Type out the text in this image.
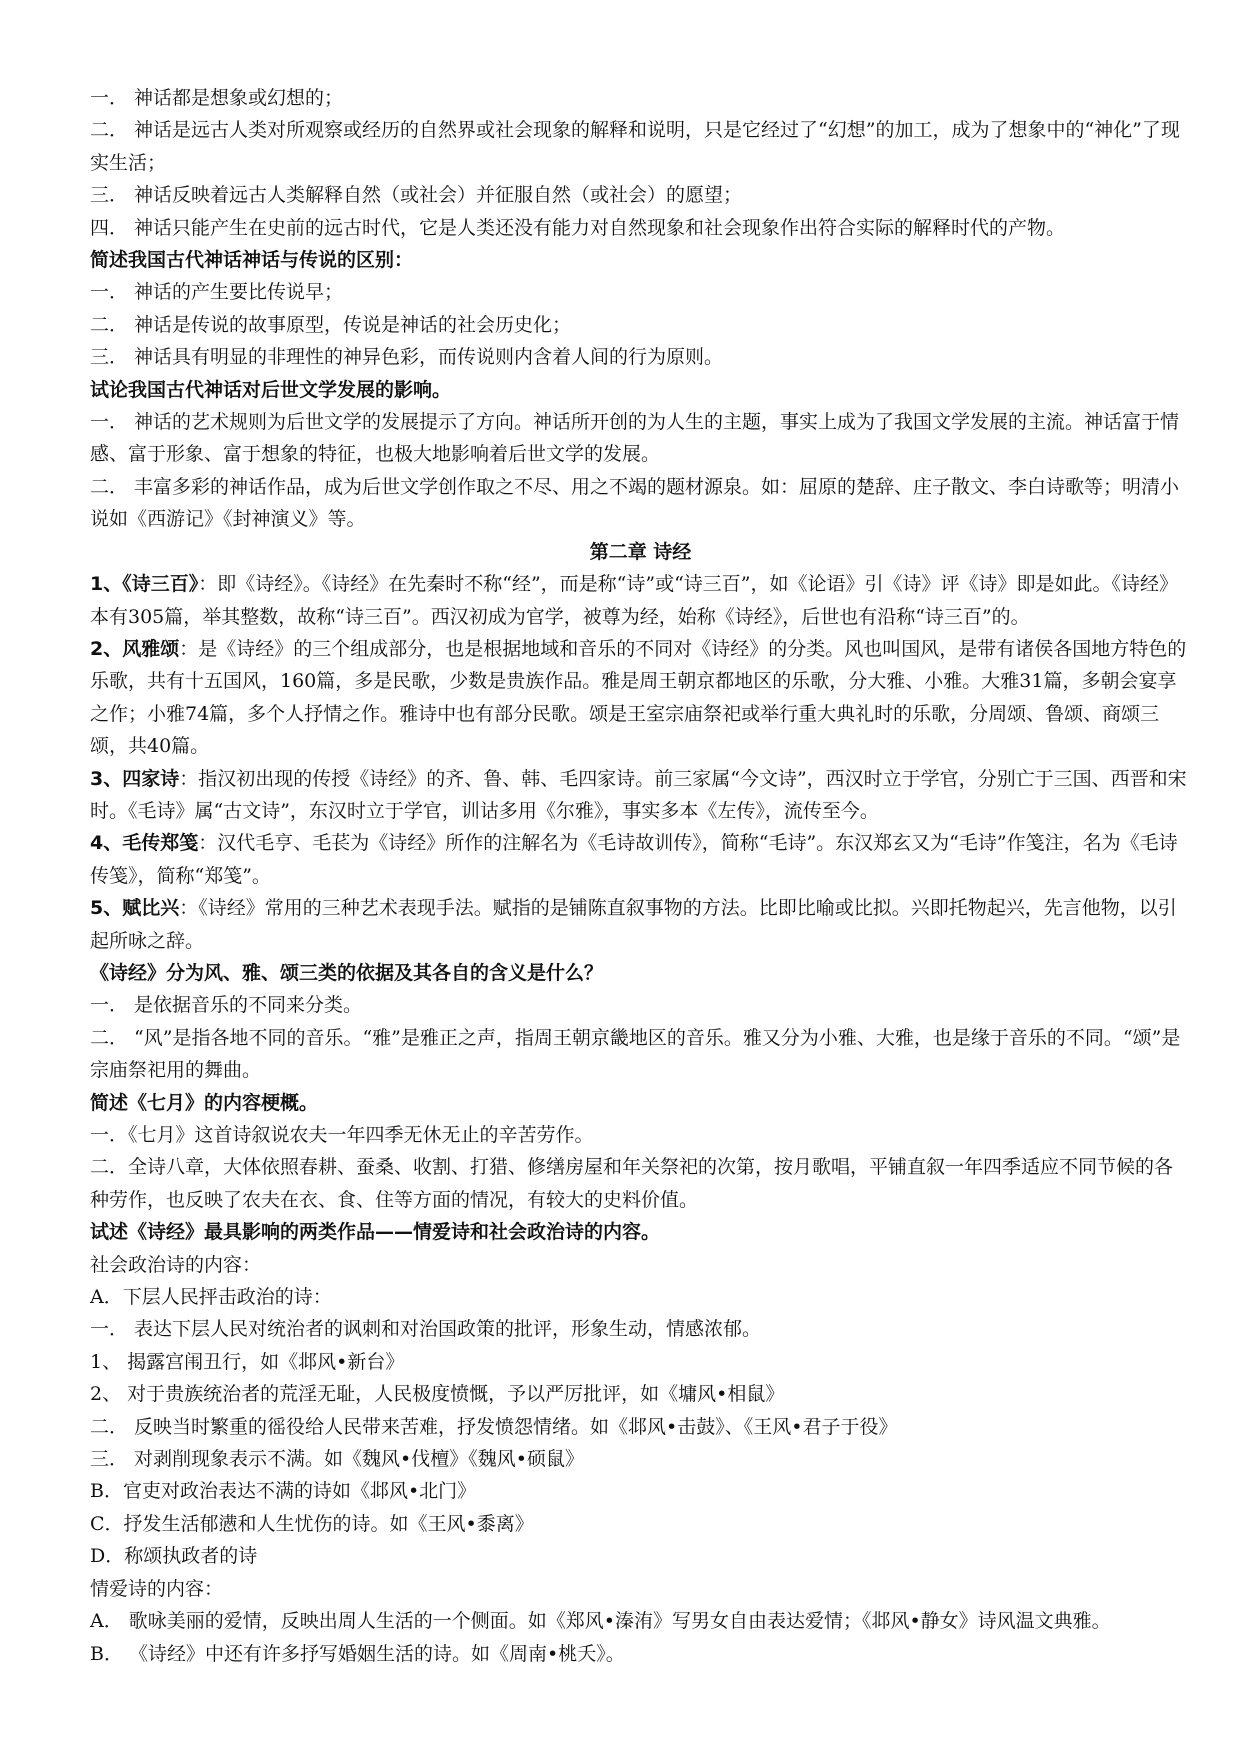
一． 神话都是想象或幻想的；

二． 神话是远古人类对所观察或经历的自然界或社会现象的解释和说明，只是它经过了“幻想”的加工，成为了想象中的“神化”了现实生活；

三． 神话反映着远古人类解释自然（或社会）并征服自然（或社会）的愿望；

四． 神话只能产生在史前的远古时代，它是人类还没有能力对自然现象和社会现象作出符合实际的解释时代的产物。

简述我国古代神话神话与传说的区别：

一． 神话的产生要比传说早；

二． 神话是传说的故事原型，传说是神话的社会历史化；

三． 神话具有明显的非理性的神异色彩，而传说则内含着人间的行为原则。

试论我国古代神话对后世文学发展的影响。

一． 神话的艺术规则为后世文学的发展提示了方向。神话所开创的为人生的主题，事实上成为了我国文学发展的主流。神话富于情感、富于形象、富于想象的特征，也极大地影响着后世文学的发展。

二． 丰富多彩的神话作品，成为后世文学创作取之不尽、用之不竭的题材源泉。如：屈原的楚辞、庄子散文、李白诗歌等；明清小说如《西游记》《封神演义》等。

第二章 诗经

1、《诗三百》：即《诗经》。《诗经》在先秦时不称“经”，而是称“诗”或“诗三百”，如《论语》引《诗》评《诗》即是如此。《诗经》本有305篇，举其整数，故称“诗三百”。西汉初成为官学，被尊为经，始称《诗经》，后世也有沿称“诗三百”的。

2、风雅颂：是《诗经》的三个组成部分，也是根据地域和音乐的不同对《诗经》的分类。风也叫国风，是带有诸侯各国地方特色的乐歌，共有十五国风，160篇，多是民歌，少数是贵族作品。雅是周王朝京都地区的乐歌，分大雅、小雅。大雅31篇，多朝会宴享之作；小雅74篇，多个人抒情之作。雅诗中也有部分民歌。颂是王室宗庙祭祀或举行重大典礼时的乐歌，分周颂、鲁颂、商颂三颂，共40篇。

3、四家诗：指汉初出现的传授《诗经》的齐、鲁、韩、毛四家诗。前三家属“今文诗”，西汉时立于学官，分别亡于三国、西晋和宋时。《毛诗》属“古文诗”，东汉时立于学官，训诂多用《尔雅》，事实多本《左传》，流传至今。

4、毛传郑笺：汉代毛亨、毛苌为《诗经》所作的注解名为《毛诗故训传》，简称“毛诗”。东汉郑玄又为“毛诗”作笺注，名为《毛诗传笺》，简称“郑笺”。

5、赋比兴：《诗经》常用的三种艺术表现手法。赋指的是铺陈直叙事物的方法。比即比喻或比拟。兴即托物起兴，先言他物，以引起所咏之辞。

《诗经》分为风、雅、颂三类的依据及其各自的含义是什么？

一． 是依据音乐的不同来分类。

二． “风”是指各地不同的音乐。“雅”是雅正之声，指周王朝京畿地区的音乐。雅又分为小雅、大雅，也是缘于音乐的不同。“颂”是宗庙祭祀用的舞曲。

简述《七月》的内容梗概。

一．《七月》这首诗叙说农夫一年四季无休无止的辛苦劳作。

二．全诗八章，大体依照春耕、蚕桑、收割、打猎、修缮房屋和年关祭祀的次第，按月歌唱，平铺直叙一年四季适应不同节候的各种劳作，也反映了农夫在衣、食、住等方面的情况，有较大的史料价值。

试述《诗经》最具影响的两类作品——情爱诗和社会政治诗的内容。

社会政治诗的内容：

A．下层人民抨击政治的诗：

一． 表达下层人民对统治者的讽刺和对治国政策的批评，形象生动，情感浓郁。

1、 揭露宫闱丑行，如《邶风•新台》

2、 对于贵族统治者的荒淫无耻，人民极度愤慨，予以严厉批评，如《墉风•相鼠》

二． 反映当时繁重的徭役给人民带来苦难，抒发愤怨情绪。如《邶风•击鼓》、《王风•君子于役》

三． 对剥削现象表示不满。如《魏风•伐檀》《魏风•硕鼠》

B．官吏对政治表达不满的诗如《邶风•北门》

C．抒发生活郁懑和人生忧伤的诗。如《王风•黍离》

D．称颂执政者的诗

情爱诗的内容：

A． 歌咏美丽的爱情，反映出周人生活的一个侧面。如《郑风•溱洧》写男女自由表达爱情；《邶风•静女》诗风温文典雅。

B． 《诗经》中还有许多抒写婚姻生活的诗。如《周南•桃夭》。
